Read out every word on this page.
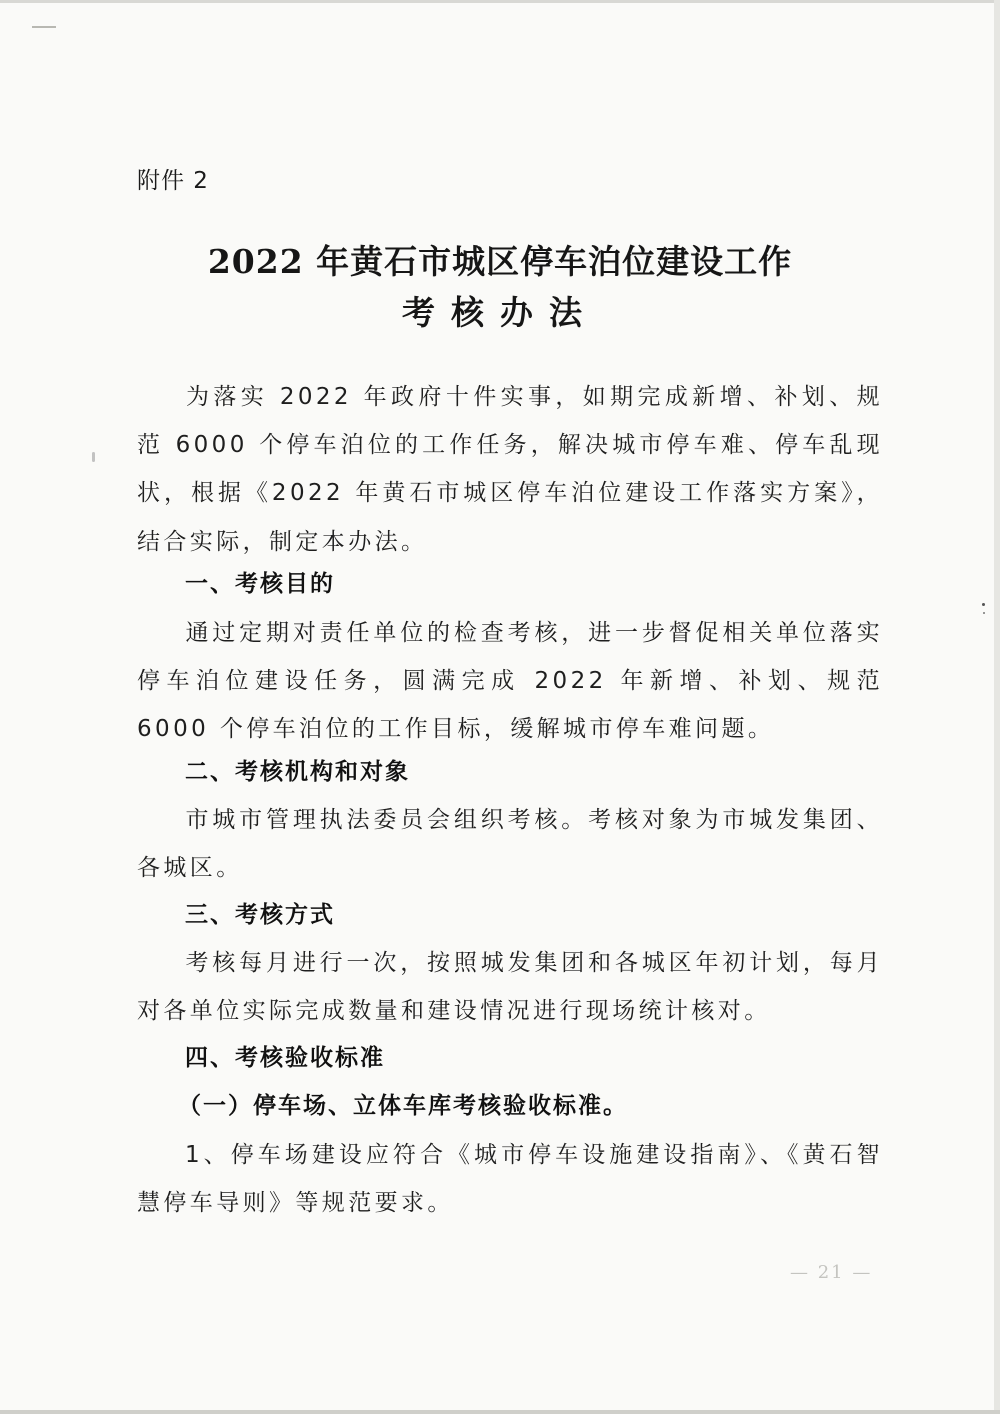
附件 2
2022 年黄石市城区停车泊位建设工作
考核办法
为落实 2022 年政府十件实事，如期完成新增、补划、规范 6000 个停车泊位的工作任务，解决城市停车难、停车乱现状，根据《2022 年黄石市城区停车泊位建设工作落实方案》，结合实际，制定本办法。
一、考核目的
通过定期对责任单位的检查考核，进一步督促相关单位落实停车泊位建设任务，圆满完成 2022 年新增、补划、规范 6000 个停车泊位的工作目标，缓解城市停车难问题。
二、考核机构和对象
市城市管理执法委员会组织考核。考核对象为市城发集团、各城区。
三、考核方式
考核每月进行一次，按照城发集团和各城区年初计划，每月对各单位实际完成数量和建设情况进行现场统计核对。
四、考核验收标准
（一）停车场、立体车库考核验收标准。
1、停车场建设应符合《城市停车设施建设指南》、《黄石智慧停车导则》等规范要求。
— 21 —
